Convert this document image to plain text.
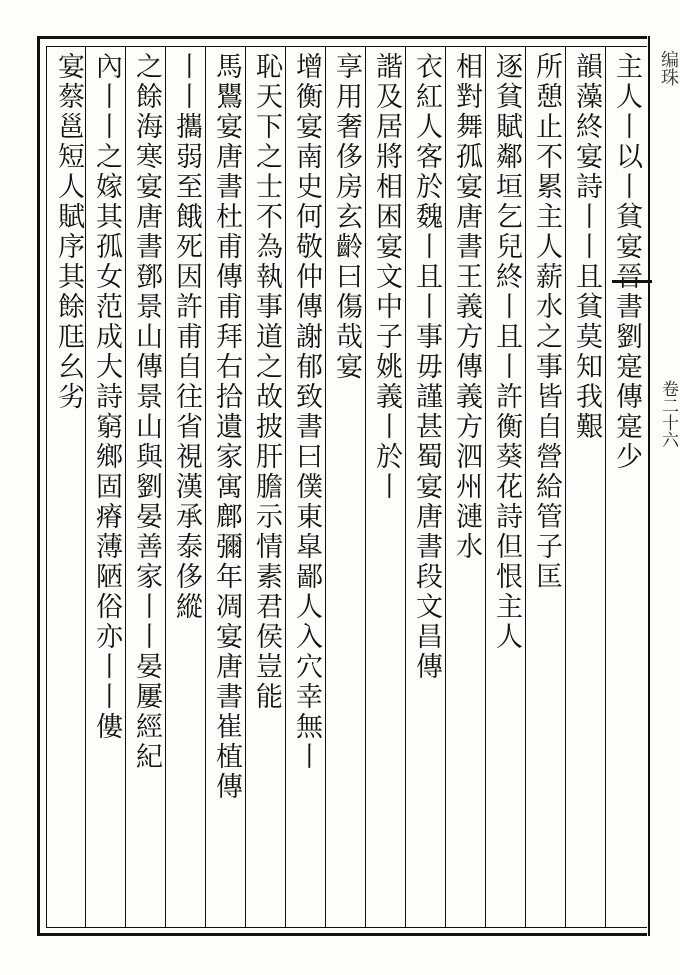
编珠
卷二十六
韻藻終宴詩丨丨且貧莫知我艱
所憩止不累主人薪水之事皆自營給管子匡
逐貧賦鄰垣乞兒終丨且丨許衡葵花詩但恨主人
相對舞孤宴唐書王義方傳義方泗州漣水
衣紅人客於魏丨且丨事毋謹甚蜀宴唐書段文昌傳
諧及居將相困宴文中子姚義丨於丨
享用奢侈房玄齡曰傷哉宴
增衡宴南史何敬仲傳謝郁致書曰僕東皐鄙人入穴幸無丨
恥天下之士不為執事道之故披肝膽示情素君侯豈能
馬鸎宴唐書杜甫傳甫拜右拾遺家寓鄜彌年凋宴唐書崔植傳
丨丨攜弱至餓死因許甫自往省視漢承泰侈縱
之餘海寒宴唐書鄧景山傳景山與劉晏善家丨丨晏屢經紀
內丨丨之嫁其孤女范成大詩窮鄉固瘠薄陋俗亦丨丨僂
宴蔡邕短人賦序其餘尫幺劣	主人丨以丨貧宴晉書劉寔傳寔少
